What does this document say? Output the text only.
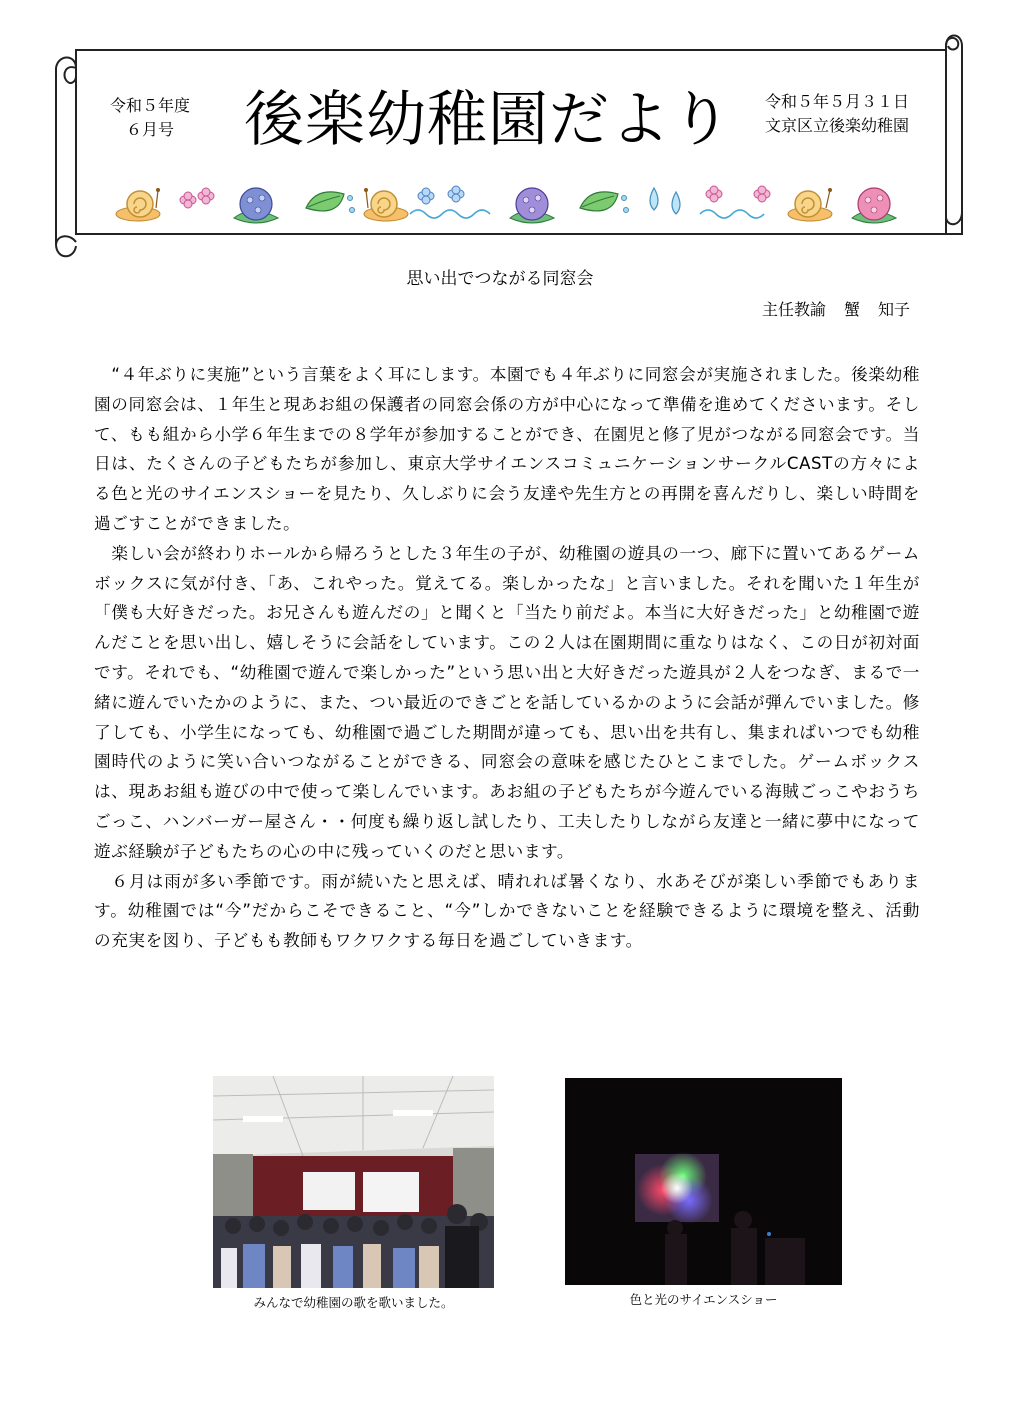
令和５年度
６月号	後楽幼稚園だより	令和５年５月３１日
文京区立後楽幼稚園
思い出でつながる同窓会
主任教諭 蟹 知子

“４年ぶりに実施”という言葉をよく耳にします。本園でも４年ぶりに同窓会が実施されました。後楽幼稚園の同窓会は、１年生と現あお組の保護者の同窓会係の方が中心になって準備を進めてくださいます。そして、もも組から小学６年生までの８学年が参加することができ、在園児と修了児がつながる同窓会です。当日は、たくさんの子どもたちが参加し、東京大学サイエンスコミュニケーションサークルCASTの方々による色と光のサイエンスショーを見たり、久しぶりに会う友達や先生方との再開を喜んだりし、楽しい時間を過ごすことができました。

楽しい会が終わりホールから帰ろうとした３年生の子が、幼稚園の遊具の一つ、廊下に置いてあるゲームボックスに気が付き、「あ、これやった。覚えてる。楽しかったな」と言いました。それを聞いた１年生が「僕も大好きだった。お兄さんも遊んだの」と聞くと「当たり前だよ。本当に大好きだった」と幼稚園で遊んだことを思い出し、嬉しそうに会話をしています。この２人は在園期間に重なりはなく、この日が初対面です。それでも、“幼稚園で遊んで楽しかった”という思い出と大好きだった遊具が２人をつなぎ、まるで一緒に遊んでいたかのように、また、つい最近のできごとを話しているかのように会話が弾んでいました。修了しても、小学生になっても、幼稚園で過ごした期間が違っても、思い出を共有し、集まればいつでも幼稚園時代のように笑い合いつながることができる、同窓会の意味を感じたひとこまでした。ゲームボックスは、現あお組も遊びの中で使って楽しんでいます。あお組の子どもたちが今遊んでいる海賊ごっこやおうちごっこ、ハンバーガー屋さん・・何度も繰り返し試したり、工夫したりしながら友達と一緒に夢中になって遊ぶ経験が子どもたちの心の中に残っていくのだと思います。

６月は雨が多い季節です。雨が続いたと思えば、晴れれば暑くなり、水あそびが楽しい季節でもあります。幼稚園では“今”だからこそできること、“今”しかできないことを経験できるように環境を整え、活動の充実を図り、子どもも教師もワクワクする毎日を過ごしていきます。

みんなで幼稚園の歌を歌いました。	色と光のサイエンスショー
